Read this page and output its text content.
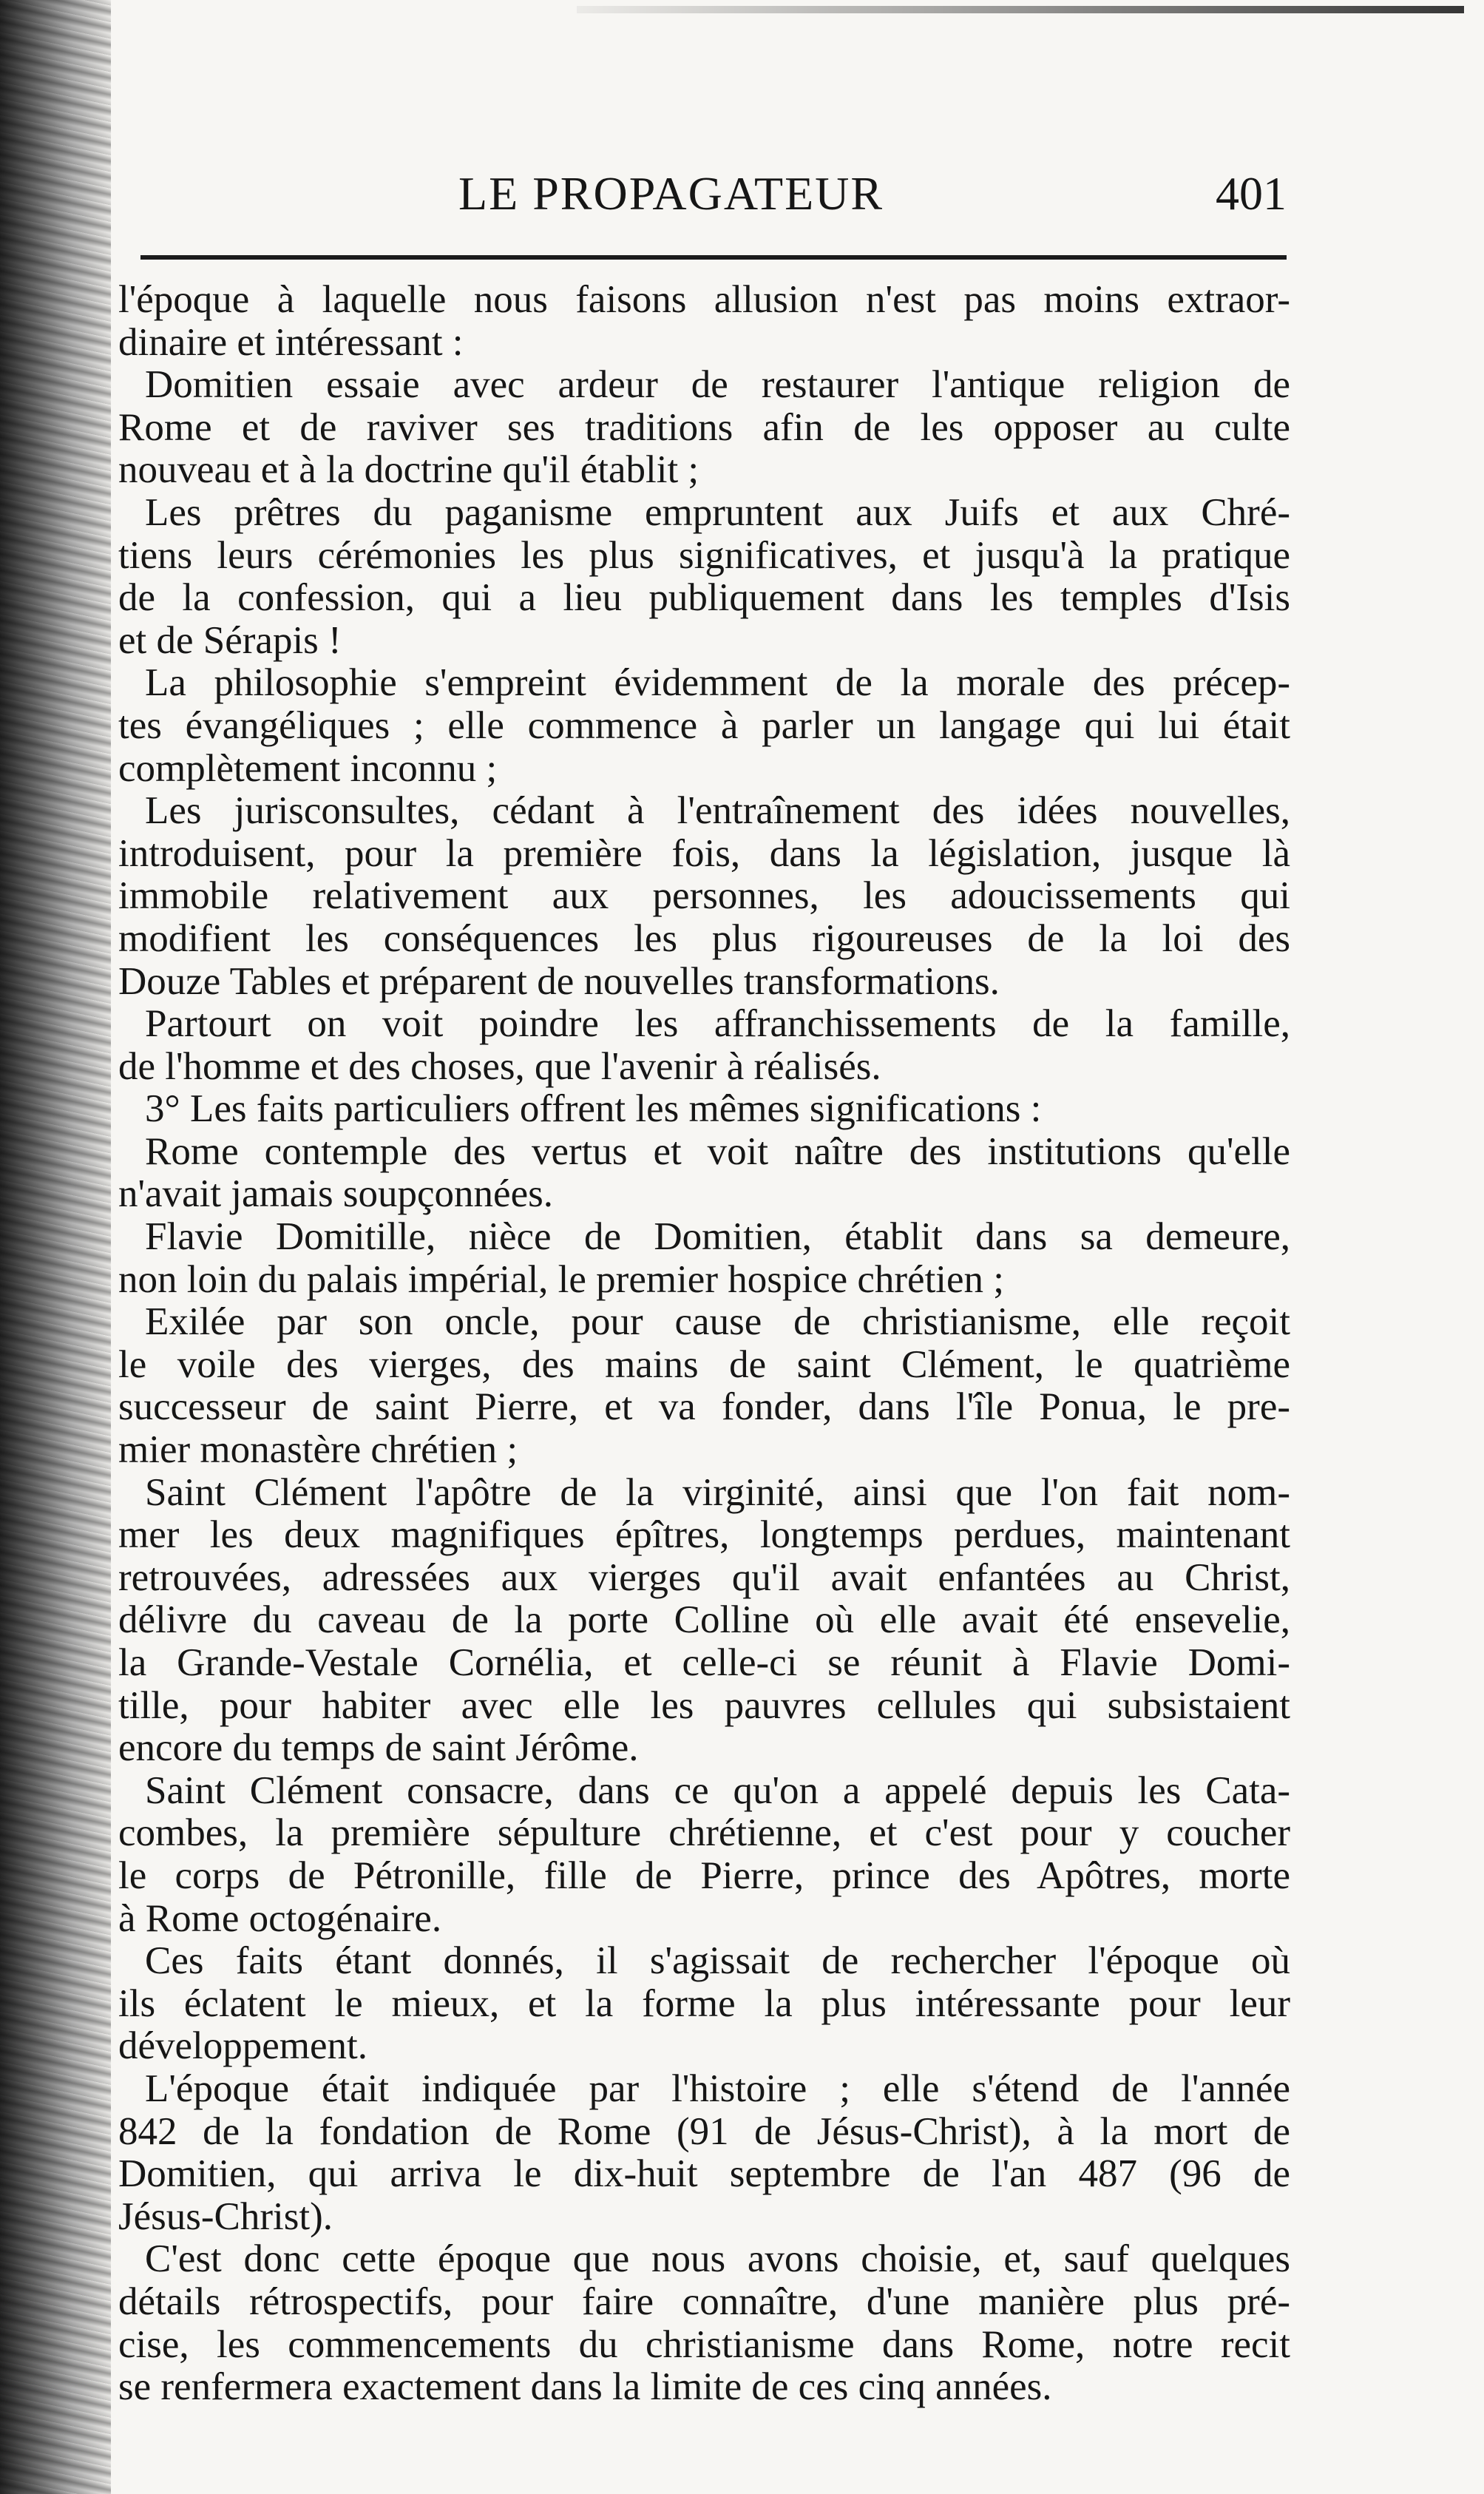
LE PROPAGATEUR	401
l'époque à laquelle nous faisons allusion n'est pas moins extraor-
dinaire et intéressant :
Domitien essaie avec ardeur de restaurer l'antique religion de
Rome et de raviver ses traditions afin de les opposer au culte
nouveau et à la doctrine qu'il établit ;
Les prêtres du paganisme empruntent aux Juifs et aux Chré-
tiens leurs cérémonies les plus significatives, et jusqu'à la pratique
de la confession, qui a lieu publiquement dans les temples d'Isis
et de Sérapis !
La philosophie s'empreint évidemment de la morale des précep-
tes évangéliques ; elle commence à parler un langage qui lui était
complètement inconnu ;
Les jurisconsultes, cédant à l'entraînement des idées nouvelles,
introduisent, pour la première fois, dans la législation, jusque là
immobile relativement aux personnes, les adoucissements qui
modifient les conséquences les plus rigoureuses de la loi des
Douze Tables et préparent de nouvelles transformations.
Partourt on voit poindre les affranchissements de la famille,
de l'homme et des choses, que l'avenir à réalisés.
3° Les faits particuliers offrent les mêmes significations :
Rome contemple des vertus et voit naître des institutions qu'elle
n'avait jamais soupçonnées.
Flavie Domitille, nièce de Domitien, établit dans sa demeure,
non loin du palais impérial, le premier hospice chrétien ;
Exilée par son oncle, pour cause de christianisme, elle reçoit
le voile des vierges, des mains de saint Clément, le quatrième
successeur de saint Pierre, et va fonder, dans l'île Ponua, le pre-
mier monastère chrétien ;
Saint Clément l'apôtre de la virginité, ainsi que l'on fait nom-
mer les deux magnifiques épîtres, longtemps perdues, maintenant
retrouvées, adressées aux vierges qu'il avait enfantées au Christ,
délivre du caveau de la porte Colline où elle avait été ensevelie,
la Grande-Vestale Cornélia, et celle-ci se réunit à Flavie Domi-
tille, pour habiter avec elle les pauvres cellules qui subsistaient
encore du temps de saint Jérôme.
Saint Clément consacre, dans ce qu'on a appelé depuis les Cata-
combes, la première sépulture chrétienne, et c'est pour y coucher
le corps de Pétronille, fille de Pierre, prince des Apôtres, morte
à Rome octogénaire.
Ces faits étant donnés, il s'agissait de rechercher l'époque où
ils éclatent le mieux, et la forme la plus intéressante pour leur
développement.
L'époque était indiquée par l'histoire ; elle s'étend de l'année
842 de la fondation de Rome (91 de Jésus-Christ), à la mort de
Domitien, qui arriva le dix-huit septembre de l'an 487 (96 de
Jésus-Christ).
C'est donc cette époque que nous avons choisie, et, sauf quelques
détails rétrospectifs, pour faire connaître, d'une manière plus pré-
cise, les commencements du christianisme dans Rome, notre recit
se renfermera exactement dans la limite de ces cinq années.
